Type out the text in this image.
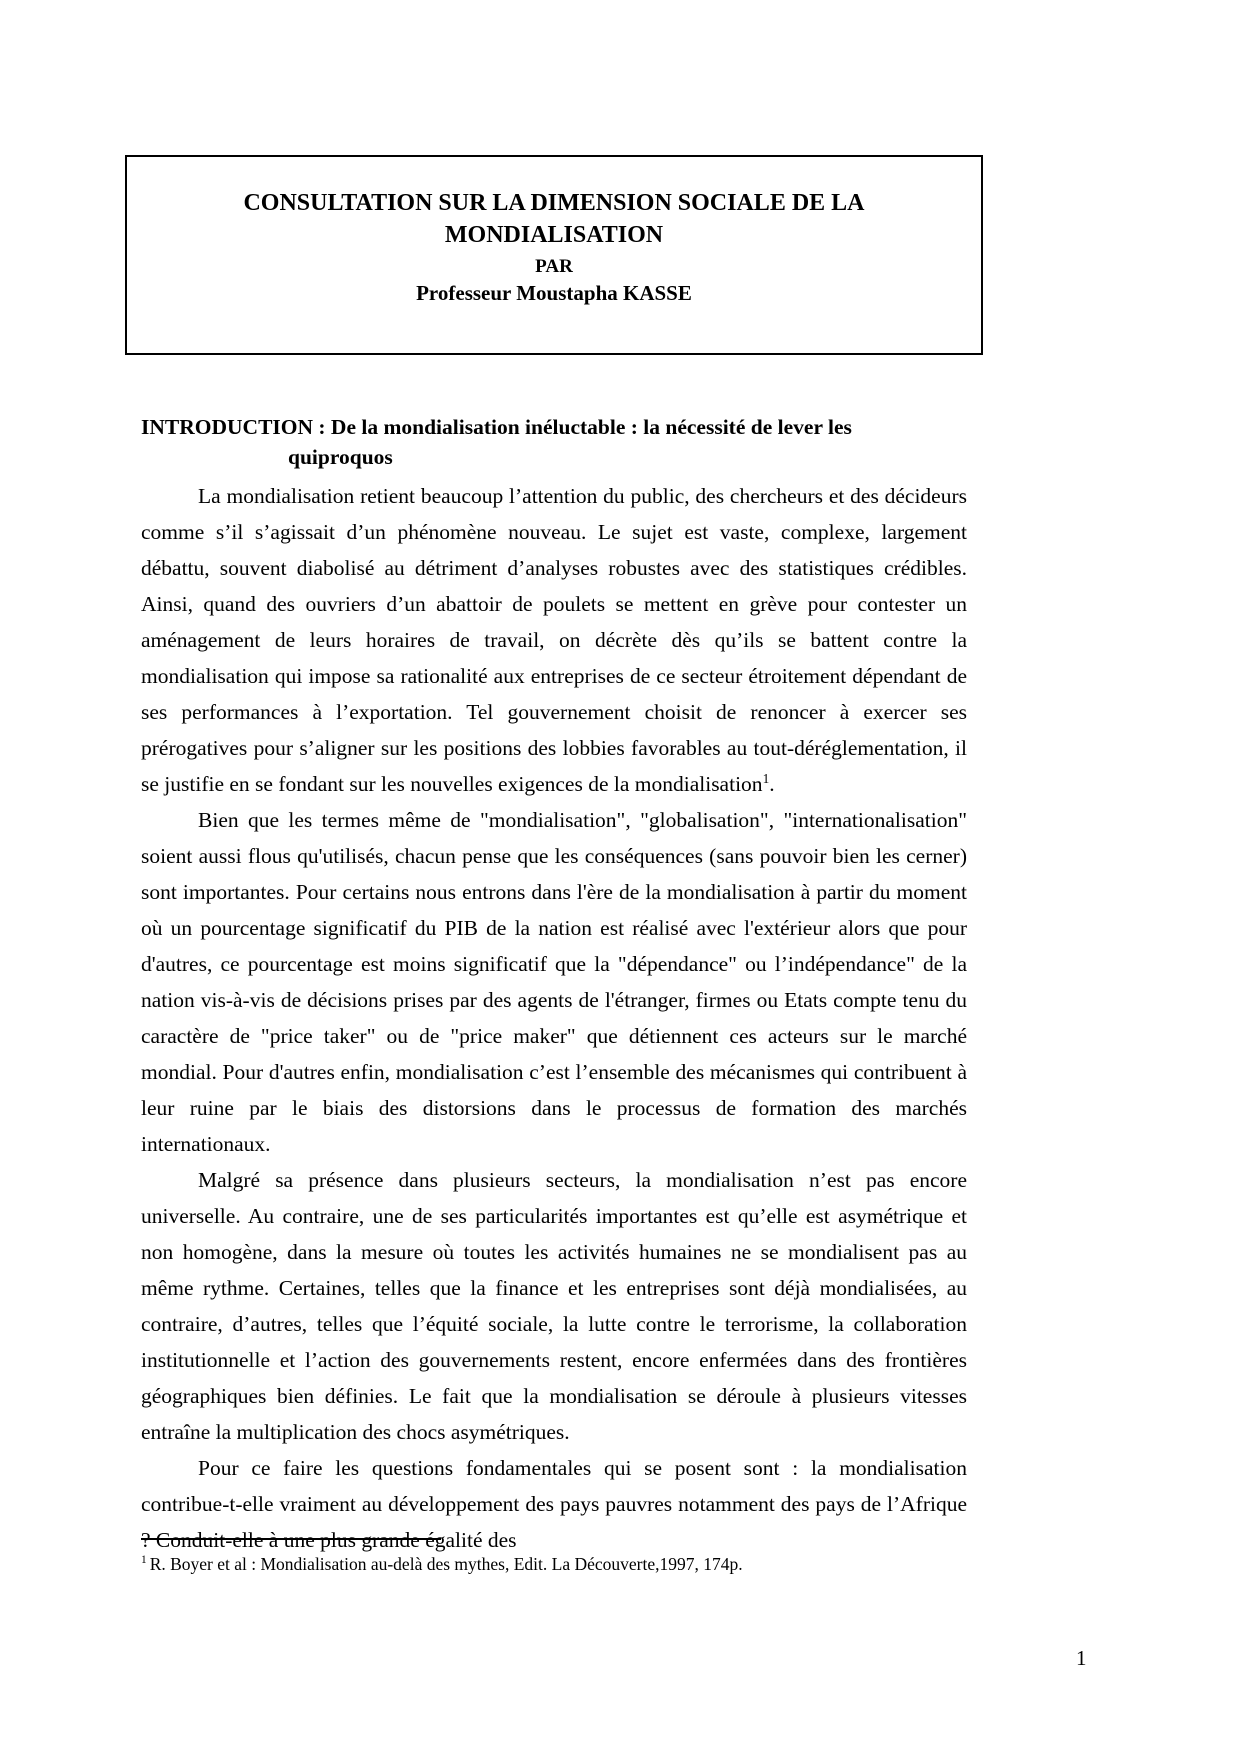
CONSULTATION SUR LA DIMENSION SOCIALE DE LA MONDIALISATION
PAR
Professeur Moustapha KASSE
INTRODUCTION : De la mondialisation inéluctable : la nécessité de lever les
quiproquos

La mondialisation retient beaucoup l’attention du public, des chercheurs et des décideurs comme s’il s’agissait d’un phénomène nouveau. Le sujet est vaste, complexe, largement débattu, souvent diabolisé au détriment d’analyses robustes avec des statistiques crédibles. Ainsi, quand des ouvriers d’un abattoir de poulets se mettent en grève pour contester un aménagement de leurs horaires de travail, on décrète dès qu’ils se battent contre la mondialisation qui impose sa rationalité aux entreprises de ce secteur étroitement dépendant de ses performances à l’exportation. Tel gouvernement choisit de renoncer à exercer ses prérogatives pour s’aligner sur les positions des lobbies favorables au tout-déréglementation, il se justifie en se fondant sur les nouvelles exigences de la mondialisation$^1$.

Bien que les termes même de "mondialisation", "globalisation", "internationalisation" soient aussi flous qu'utilisés, chacun pense que les conséquences (sans pouvoir bien les cerner) sont importantes. Pour certains nous entrons dans l'ère de la mondialisation à partir du moment où un pourcentage significatif du PIB de la nation est réalisé avec l'extérieur alors que pour d'autres, ce pourcentage est moins significatif que la "dépendance" ou l’indépendance" de la nation vis-à-vis de décisions prises par des agents de l'étranger, firmes ou Etats compte tenu du caractère de "price taker" ou de "price maker" que détiennent ces acteurs sur le marché mondial. Pour d'autres enfin, mondialisation c’est l’ensemble des mécanismes qui contribuent à leur ruine par le biais des distorsions dans le processus de formation des marchés internationaux.

Malgré sa présence dans plusieurs secteurs, la mondialisation n’est pas encore universelle. Au contraire, une de ses particularités importantes est qu’elle est asymétrique et non homogène, dans la mesure où toutes les activités humaines ne se mondialisent pas au même rythme. Certaines, telles que la finance et les entreprises sont déjà mondialisées, au contraire, d’autres, telles que l’équité sociale, la lutte contre le terrorisme, la collaboration institutionnelle et l’action des gouvernements restent, encore enfermées dans des frontières géographiques bien définies. Le fait que la mondialisation se déroule à plusieurs vitesses entraîne la multiplication des chocs asymétriques.

Pour ce faire les questions fondamentales qui se posent sont : la mondialisation contribue-t-elle vraiment au développement des pays pauvres notamment des pays de l’Afrique ? Conduit-elle à une plus grande égalité des

$^1$ R. Boyer et al : Mondialisation au-delà des mythes, Edit. La Découverte,1997, 174p.
1
